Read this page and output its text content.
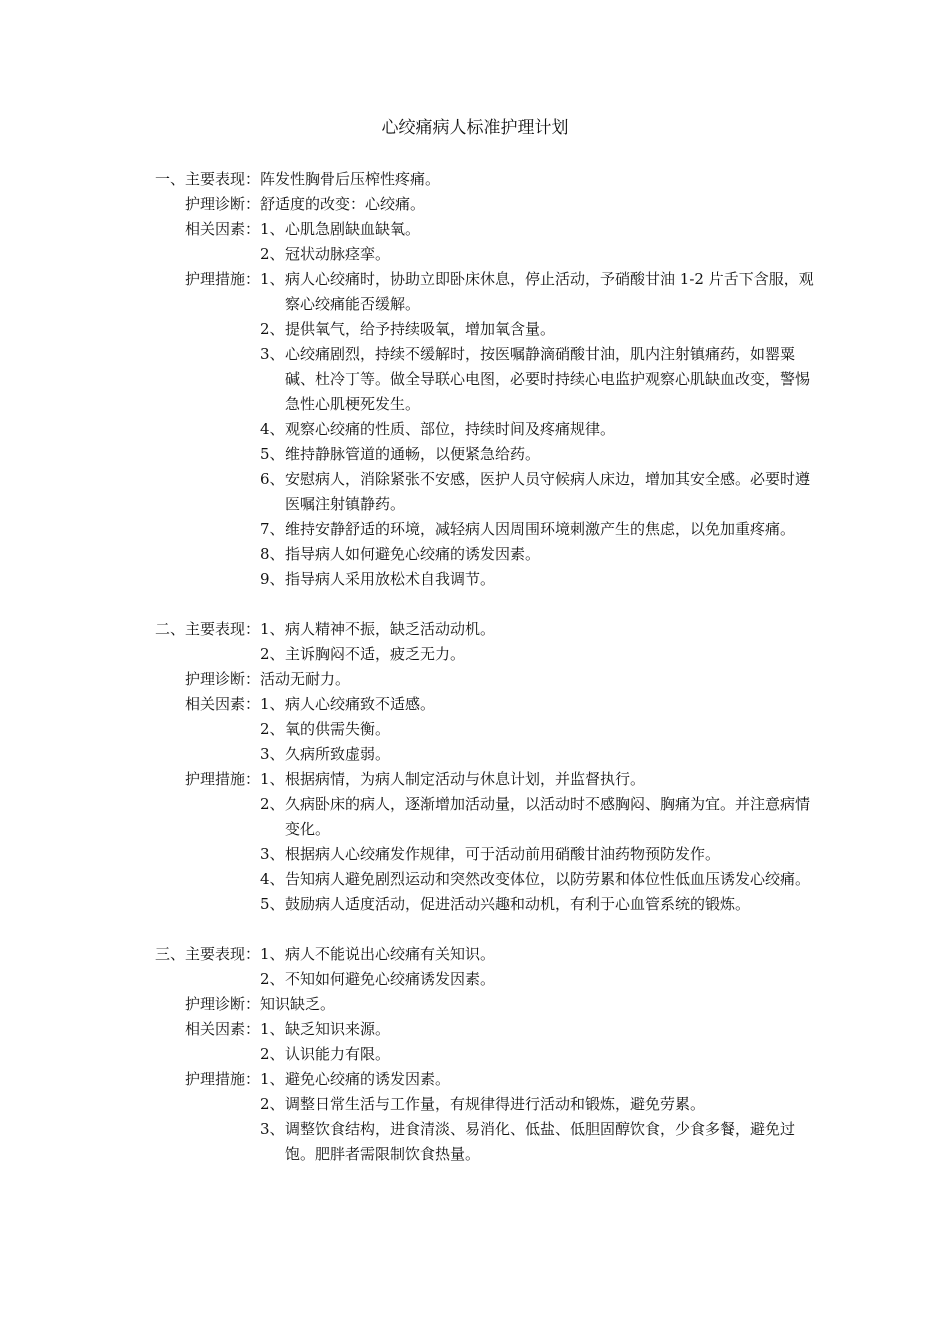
心绞痛病人标准护理计划
一、主要表现： 阵发性胸骨后压榨性疼痛。
护理诊断： 舒适度的改变：心绞痛。
相关因素： 1、 心肌急剧缺血缺氧。
2、 冠状动脉痉挛。
护理措施： 1、 病人心绞痛时，协助立即卧床休息，停止活动，予硝酸甘油 1-2 片舌下含服，观察心绞痛能否缓解。
2、 提供氧气，给予持续吸氧，增加氧含量。
3、 心绞痛剧烈，持续不缓解时，按医嘱静滴硝酸甘油，肌内注射镇痛药，如罂粟碱、杜冷丁等。做全导联心电图，必要时持续心电监护观察心肌缺血改变，警惕急性心肌梗死发生。
4、 观察心绞痛的性质、部位，持续时间及疼痛规律。
5、 维持静脉管道的通畅，以便紧急给药。
6、 安慰病人，消除紧张不安感，医护人员守候病人床边，增加其安全感。必要时遵医嘱注射镇静药。
7、 维持安静舒适的环境，减轻病人因周围环境刺激产生的焦虑，以免加重疼痛。
8、 指导病人如何避免心绞痛的诱发因素。
9、 指导病人采用放松术自我调节。
二、主要表现： 1、 病人精神不振，缺乏活动动机。
2、 主诉胸闷不适，疲乏无力。
护理诊断： 活动无耐力。
相关因素： 1、 病人心绞痛致不适感。
2、 氧的供需失衡。
3、 久病所致虚弱。
护理措施： 1、 根据病情，为病人制定活动与休息计划，并监督执行。
2、 久病卧床的病人，逐渐增加活动量，以活动时不感胸闷、胸痛为宜。并注意病情变化。
3、 根据病人心绞痛发作规律，可于活动前用硝酸甘油药物预防发作。
4、 告知病人避免剧烈运动和突然改变体位，以防劳累和体位性低血压诱发心绞痛。
5、 鼓励病人适度活动，促进活动兴趣和动机，有利于心血管系统的锻炼。
三、主要表现： 1、 病人不能说出心绞痛有关知识。
2、 不知如何避免心绞痛诱发因素。
护理诊断： 知识缺乏。
相关因素： 1、 缺乏知识来源。
2、 认识能力有限。
护理措施： 1、 避免心绞痛的诱发因素。
2、 调整日常生活与工作量，有规律得进行活动和锻炼，避免劳累。
3、 调整饮食结构，进食清淡、易消化、低盐、低胆固醇饮食，少食多餐，避免过饱。肥胖者需限制饮食热量。
